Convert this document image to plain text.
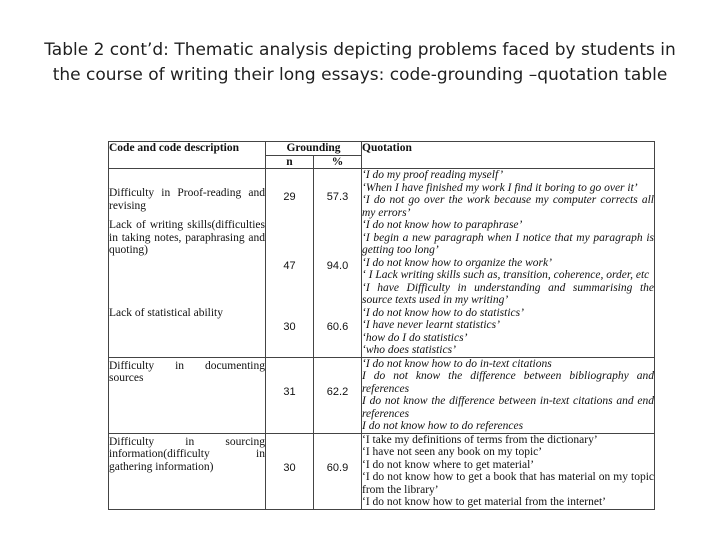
Table 2 cont’d: Thematic analysis depicting problems faced by students in
the course of writing their long essays: code-grounding –quotation table
Code and code description	Grounding		Quotation
	n	%	

Difficulty in Proof-reading and revising	29	57.3	‘I do my proof reading myself’
‘When I have finished my work I find it boring to go over it’
‘I do not go over the work because my computer corrects all my errors’

Lack of writing skills(difficulties in taking notes, paraphrasing and quoting)	47	94.0	‘I do not know how to paraphrase’
‘I begin a new paragraph when I notice that my paragraph is getting too long’
‘I do not know how to organize the work’
‘ I Lack writing skills such as, transition, coherence, order, etc
‘I have Difficulty in understanding and summarising the source texts used in my writing’

Lack of statistical ability	30	60.6	‘I do not know how to do statistics’
‘I have never learnt statistics’
‘how do I do statistics’
‘who does statistics’

Difficulty in documenting sources	31	62.2	‘I do not know how to do in-text citations
I do not know the difference between bibliography and references
I do not know the difference between in-text citations and end references
I do not know how to do references

Difficulty in sourcing information(difficulty in gathering information)	30	60.9	‘I take my definitions of terms from the dictionary’
‘I have not seen any book on my topic’
‘I do not know where to get material’
‘I do not know how to get a book that has material on my topic from the library’
‘I do not know how to get material from the internet’
